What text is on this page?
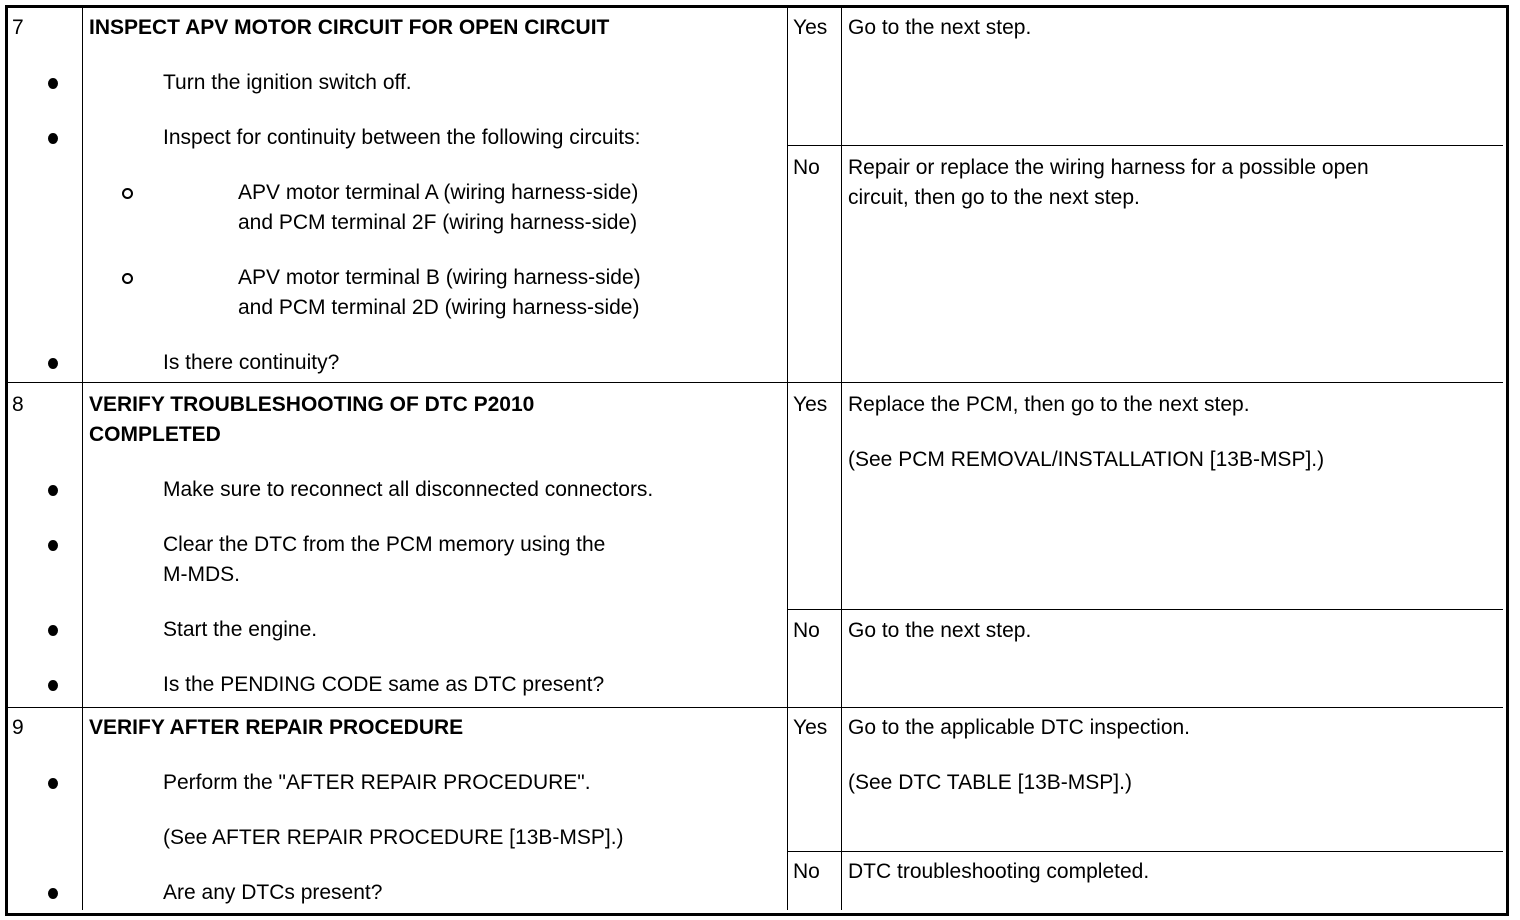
7	INSPECT APV MOTOR CIRCUIT FOR OPEN CIRCUIT
Turn the ignition switch off.
Inspect for continuity between the following circuits:
APV motor terminal A (wiring harness-side)
and PCM terminal 2F (wiring harness-side)
APV motor terminal B (wiring harness-side)
and PCM terminal 2D (wiring harness-side)
Is there continuity?
Yes Go to the next step.
No Repair or replace the wiring harness for a possible open
circuit, then go to the next step.
8	VERIFY TROUBLESHOOTING OF DTC P2010
COMPLETED
Make sure to reconnect all disconnected connectors.
Clear the DTC from the PCM memory using the
M-MDS.
Start the engine.
Is the PENDING CODE same as DTC present?
Yes Replace the PCM, then go to the next step.
(See PCM REMOVAL/INSTALLATION [13B-MSP].)
No Go to the next step.
9	VERIFY AFTER REPAIR PROCEDURE
Perform the "AFTER REPAIR PROCEDURE".
(See AFTER REPAIR PROCEDURE [13B-MSP].)
Are any DTCs present?
Yes Go to the applicable DTC inspection.
(See DTC TABLE [13B-MSP].)
No DTC troubleshooting completed.
